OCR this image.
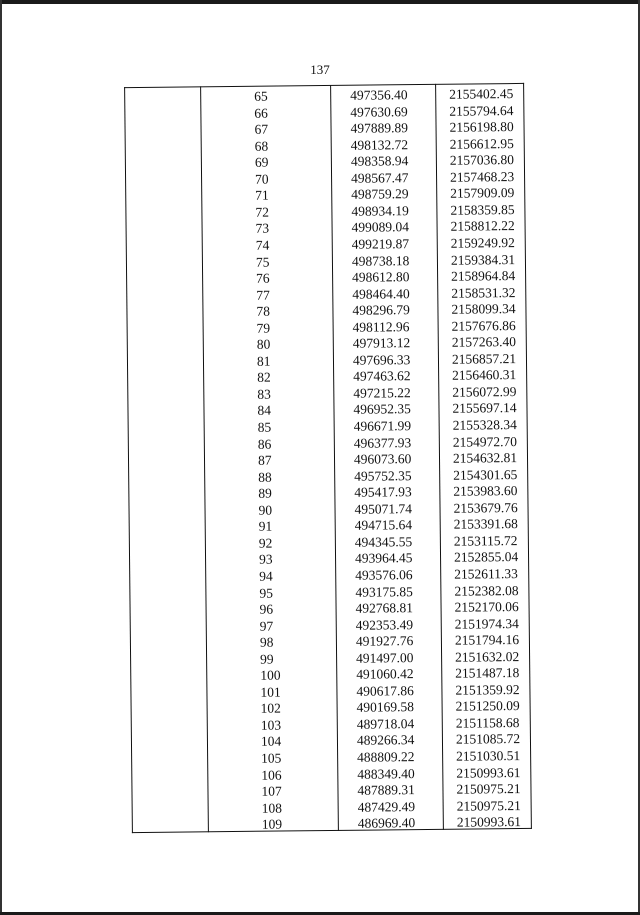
137
65	497356.40	2155402.45
66	497630.69	2155794.64
67	497889.89	2156198.80
68	498132.72	2156612.95
69	498358.94	2157036.80
70	498567.47	2157468.23
71	498759.29	2157909.09
72	498934.19	2158359.85
73	499089.04	2158812.22
74	499219.87	2159249.92
75	498738.18	2159384.31
76	498612.80	2158964.84
77	498464.40	2158531.32
78	498296.79	2158099.34
79	498112.96	2157676.86
80	497913.12	2157263.40
81	497696.33	2156857.21
82	497463.62	2156460.31
83	497215.22	2156072.99
84	496952.35	2155697.14
85	496671.99	2155328.34
86	496377.93	2154972.70
87	496073.60	2154632.81
88	495752.35	2154301.65
89	495417.93	2153983.60
90	495071.74	2153679.76
91	494715.64	2153391.68
92	494345.55	2153115.72
93	493964.45	2152855.04
94	493576.06	2152611.33
95	493175.85	2152382.08
96	492768.81	2152170.06
97	492353.49	2151974.34
98	491927.76	2151794.16
99	491497.00	2151632.02
100	491060.42	2151487.18
101	490617.86	2151359.92
102	490169.58	2151250.09
103	489718.04	2151158.68
104	489266.34	2151085.72
105	488809.22	2151030.51
106	488349.40	2150993.61
107	487889.31	2150975.21
108	487429.49	2150975.21
109	486969.40	2150993.61
